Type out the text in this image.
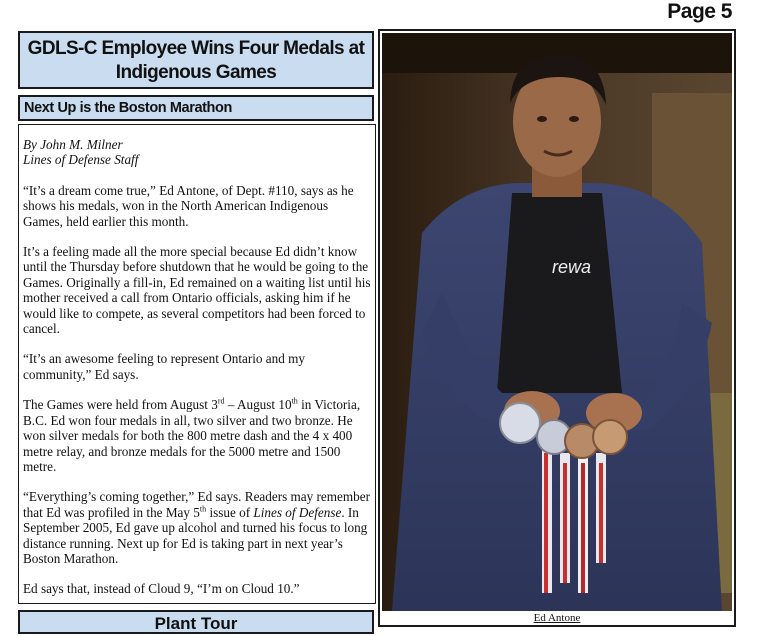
Page 5
GDLS-C Employee Wins Four Medals at
Indigenous Games
Next Up is the Boston Marathon
By John M. Milner
Lines of Defense Staff

“It’s a dream come true,” Ed Antone, of Dept. #110, says as he shows his medals, won in the North American Indigenous Games, held earlier this month.

It’s a feeling made all the more special because Ed didn’t know until the Thursday before shutdown that he would be going to the Games. Originally a fill-in, Ed remained on a waiting list until his mother received a call from Ontario officials, asking him if he would like to compete, as several competitors had been forced to cancel.

“It’s an awesome feeling to represent Ontario and my community,” Ed says.

The Games were held from August 3rd – August 10th in Victoria, B.C. Ed won four medals in all, two silver and two bronze. He won silver medals for both the 800 metre dash and the 4 x 400 metre relay, and bronze medals for the 5000 metre and 1500 metre.

“Everything’s coming together,” Ed says. Readers may remember that Ed was profiled in the May 5th issue of Lines of Defense. In September 2005, Ed gave up alcohol and turned his focus to long distance running. Next up for Ed is taking part in next year’s Boston Marathon.

Ed says that, instead of Cloud 9, “I’m on Cloud 10.”

Plant Tour
rewa
Ed Antone
